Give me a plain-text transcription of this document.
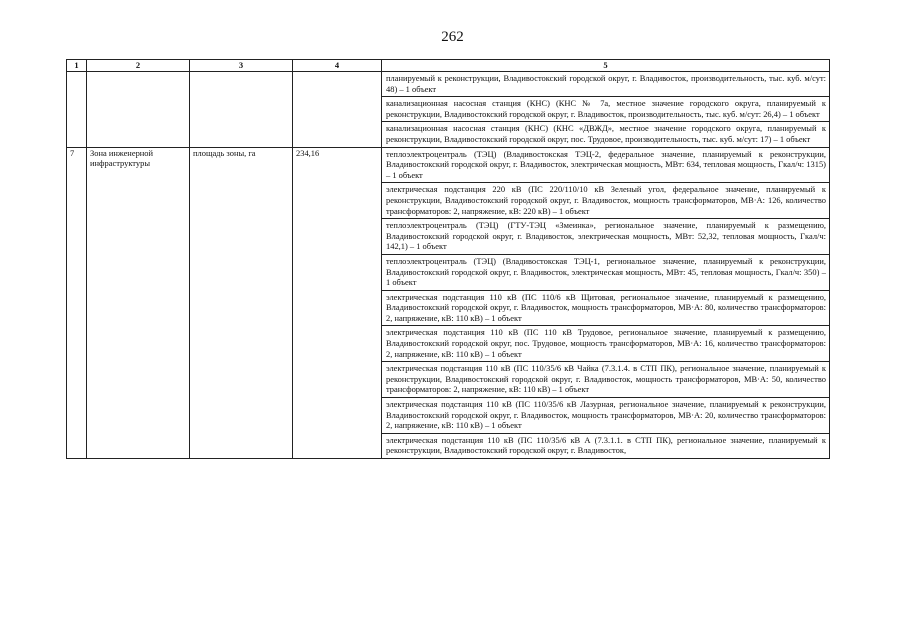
262
1	2	3	4	5
				планируемый к реконструкции, Владивостокский городской округ, г. Владивосток, производительность, тыс. куб. м/сут: 48) – 1 объект
				канализационная насосная станция (КНС) (КНС № 7а, местное значение городского округа, планируемый к реконструкции, Владивостокский городской округ, г. Владивосток, производительность, тыс. куб. м/сут: 26,4) – 1 объект
				канализационная насосная станция (КНС) (КНС «ДВЖД», местное значение городского округа, планируемый к реконструкции, Владивостокский городской округ, пос. Трудовое, производительность, тыс. куб. м/сут: 17) – 1 объект
7	Зона инженерной инфраструктуры	площадь зоны, га	234,16	теплоэлектроцентраль (ТЭЦ) (Владивостокская ТЭЦ-2, федеральное значение, планируемый к реконструкции, Владивостокский городской округ, г. Владивосток, электрическая мощность, МВт: 634, тепловая мощность, Гкал/ч: 1315) – 1 объект
				электрическая подстанция 220 кВ (ПС 220/110/10 кВ Зеленый угол, федеральное значение, планируемый к реконструкции, Владивостокский городской округ, г. Владивосток, мощность трансформаторов, МВ·А: 126, количество трансформаторов: 2, напряжение, кВ: 220 кВ) – 1 объект
				теплоэлектроцентраль (ТЭЦ) (ГТУ-ТЭЦ «Змеинка», региональное значение, планируемый к размещению, Владивостокский городской округ, г. Владивосток, электрическая мощность, МВт: 52,32, тепловая мощность, Гкал/ч: 142,1) – 1 объект
				теплоэлектроцентраль (ТЭЦ) (Владивостокская ТЭЦ-1, региональное значение, планируемый к реконструкции, Владивостокский городской округ, г. Владивосток, электрическая мощность, МВт: 45, тепловая мощность, Гкал/ч: 350) – 1 объект
				электрическая подстанция 110 кВ (ПС 110/6 кВ Щитовая, региональное значение, планируемый к размещению, Владивостокский городской округ, г. Владивосток, мощность трансформаторов, МВ·А: 80, количество трансформаторов: 2, напряжение, кВ: 110 кВ) – 1 объект
				электрическая подстанция 110 кВ (ПС 110 кВ Трудовое, региональное значение, планируемый к размещению, Владивостокский городской округ, пос. Трудовое, мощность трансформаторов, МВ·А: 16, количество трансформаторов: 2, напряжение, кВ: 110 кВ) – 1 объект
				электрическая подстанция 110 кВ (ПС 110/35/6 кВ Чайка (7.3.1.4. в СТП ПК), региональное значение, планируемый к реконструкции, Владивостокский городской округ, г. Владивосток, мощность трансформаторов, МВ·А: 50, количество трансформаторов: 2, напряжение, кВ: 110 кВ) – 1 объект
				электрическая подстанция 110 кВ (ПС 110/35/6 кВ Лазурная, региональное значение, планируемый к реконструкции, Владивостокский городской округ, г. Владивосток, мощность трансформаторов, МВ·А: 20, количество трансформаторов: 2, напряжение, кВ: 110 кВ) – 1 объект
				электрическая подстанция 110 кВ (ПС 110/35/6 кВ А (7.3.1.1. в СТП ПК), региональное значение, планируемый к реконструкции, Владивостокский городской округ, г. Владивосток,
